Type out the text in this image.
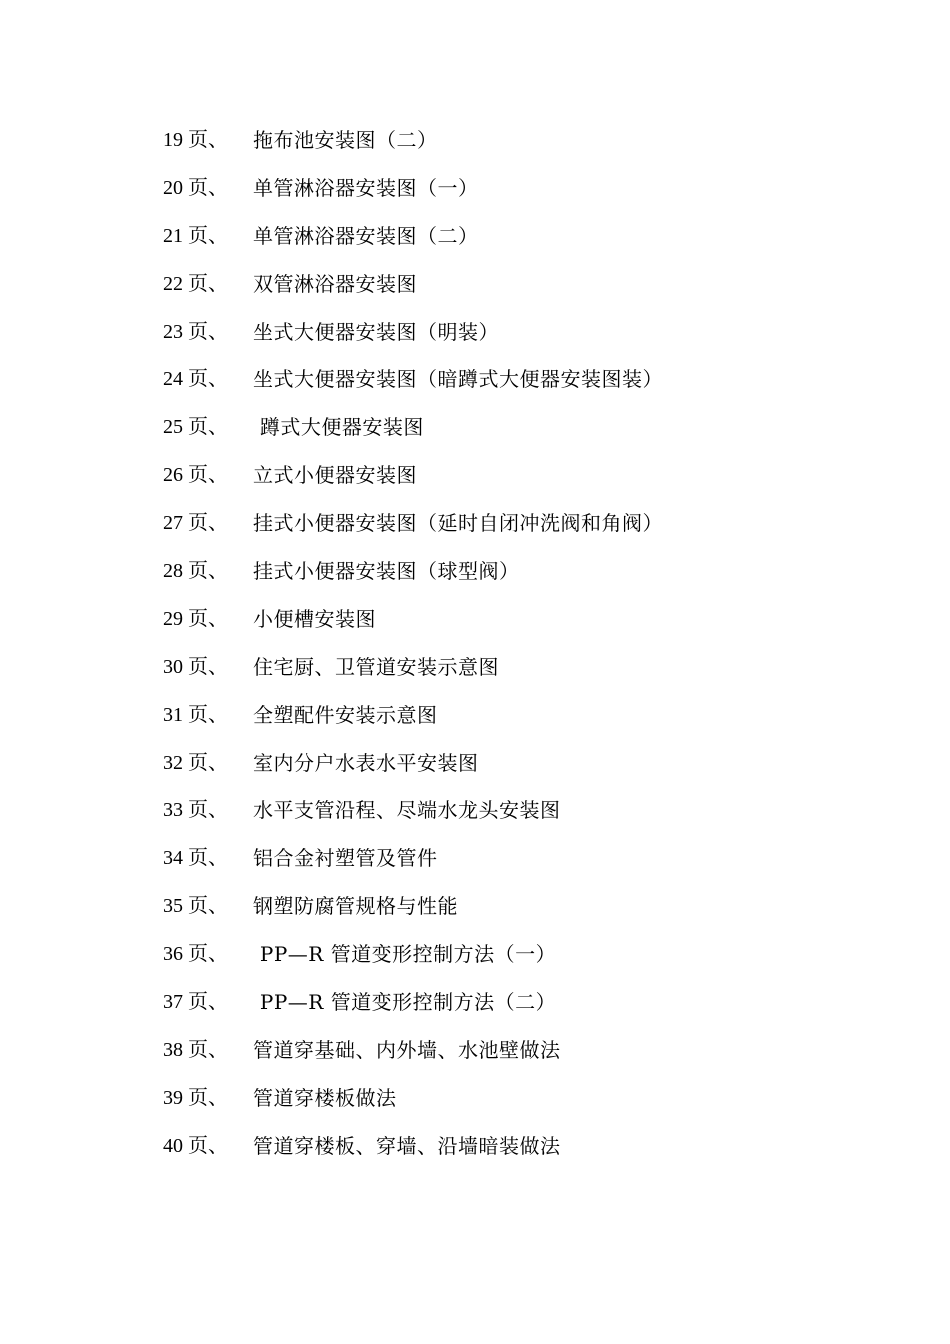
19 页、	拖布池安装图（二）
20 页、	单管淋浴器安装图（一）
21 页、	单管淋浴器安装图（二）
22 页、	双管淋浴器安装图
23 页、	坐式大便器安装图（明装）
24 页、	坐式大便器安装图（暗蹲式大便器安装图装）
25 页、	蹲式大便器安装图
26 页、	立式小便器安装图
27 页、	挂式小便器安装图（延时自闭冲洗阀和角阀）
28 页、	挂式小便器安装图（球型阀）
29 页、	小便槽安装图
30 页、	住宅厨、卫管道安装示意图
31 页、	全塑配件安装示意图
32 页、	室内分户水表水平安装图
33 页、	水平支管沿程、尽端水龙头安装图
34 页、	铝合金衬塑管及管件
35 页、	钢塑防腐管规格与性能
36 页、	PP—R 管道变形控制方法（一）
37 页、	PP—R 管道变形控制方法（二）
38 页、	管道穿基础、内外墙、水池壁做法
39 页、	管道穿楼板做法
40 页、	管道穿楼板、穿墙、沿墙暗装做法
